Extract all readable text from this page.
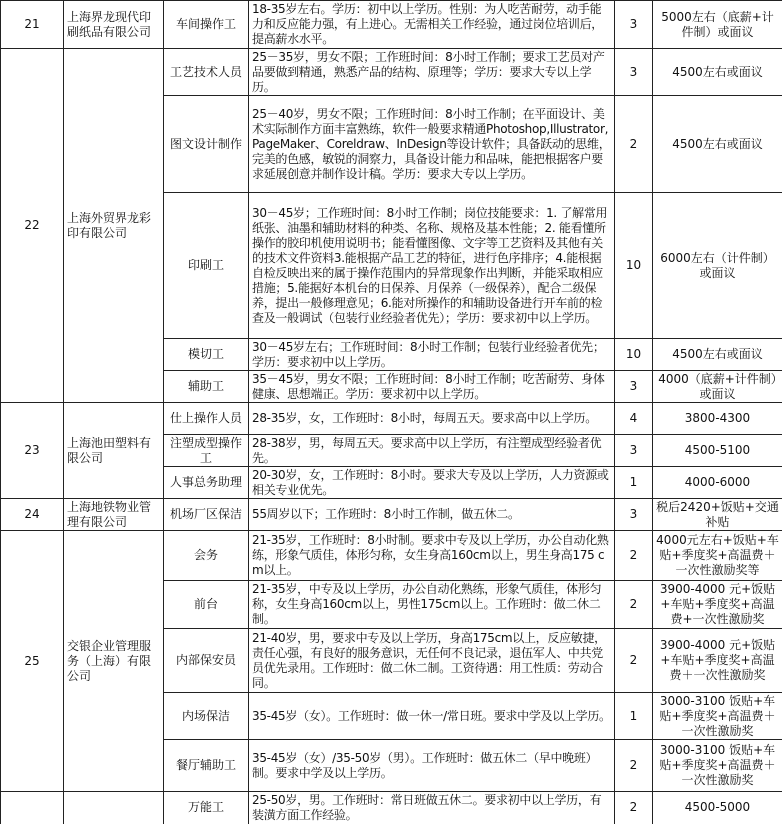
21	上海界龙现代印刷纸品有限公司	车间操作工	18-35岁左右。学历：初中以上学历。性别：为人吃苦耐劳，动手能力和反应能力强，有上进心。无需相关工作经验，通过岗位培训后，提高薪水水平。	3	5000左右（底薪+计件制）或面议
22	上海外贸界龙彩印有限公司	工艺技术人员	25－35岁，男女不限；工作班时间：8小时工作制；要求工艺员对产品要做到精通，熟悉产品的结构、原理等；学历：要求大专以上学历。	3	4500左右或面议
		图文设计制作	25－40岁，男女不限；工作班时间：8小时工作制；在平面设计、美术实际制作方面丰富熟练，软件一般要求精通Photoshop,Illustrator,PageMaker、Coreldraw、InDesign等设计软件；具备跃动的思维，完美的色感，敏锐的洞察力，具备设计能力和品味，能把根据客户要求延展创意并制作设计稿。学历：要求大专以上学历。	2	4500左右或面议
		印刷工	30－45岁；工作班时间：8小时工作制；岗位技能要求：1. 了解常用纸张、油墨和辅助材料的种类、名称、规格及基本性能；2. 能看懂所操作的胶印机使用说明书；能看懂图像、文字等工艺资料及其他有关的技术文件资料3.能根据产品工艺的特征，进行色序排序；4.能根据自检反映出来的属于操作范围内的异常现象作出判断，并能采取相应措施；5.能据好本机台的日保养、月保养（一级保养），配合二级保养，提出一般修理意见；6.能对所操作的和辅助设备进行开车前的检查及一般调试（包装行业经验者优先）；学历：要求初中以上学历。	10	6000左右（计件制）或面议
		模切工	30－45岁左右；工作班时间：8小时工作制；包装行业经验者优先；学历：要求初中以上学历。	10	4500左右或面议
		辅助工	35－45岁，男女不限；工作班时间：8小时工作制；吃苦耐劳、身体健康、思想端正。学历：要求初中以上学历。	3	4000（底薪+计件制）或面议
23	上海池田塑料有限公司	仕上操作人员	28-35岁，女，工作班时：8小时，每周五天。要求高中以上学历。	4	3800-4300
		注塑成型操作工	28-38岁，男，每周五天。要求高中以上学历，有注塑成型经验者优先。	3	4500-5100
		人事总务助理	20-30岁，女，工作班时：8小时。要求大专及以上学历，人力资源或相关专业优先。	1	4000-6000
24	上海地铁物业管理有限公司	机场厂区保洁	55周岁以下；工作班时：8小时工作制，做五休二。	3	税后2420+饭贴+交通补贴
25	交银企业管理服务（上海）有限公司	会务	21-35岁，工作班时：8小时制。要求中专及以上学历，办公自动化熟练，形象气质佳，体形匀称，女生身高160cm以上，男生身高175 cm以上。	2	4000元左右+饭贴+车贴+季度奖+高温费＋一次性激励奖等
		前台	21-35岁，中专及以上学历，办公自动化熟练，形象气质佳，体形匀称，女生身高160cm以上，男性175cm以上。工作班时：做二休二制。	2	3900-4000 元+饭贴+车贴+季度奖+高温费+一次性激励奖
		内部保安员	21-40岁，男，要求中专及以上学历，身高175cm以上，反应敏捷，责任心强，有良好的服务意识，无任何不良记录，退伍军人、中共党员优先录用。工作班时：做二休二制。工资待遇：用工性质：劳动合同。	2	3900-4000 元+饭贴+车贴+季度奖+高温费＋一次性激励奖
		内场保洁	35-45岁（女）。工作班时：做一休一/常日班。要求中学及以上学历。	1	3000-3100 饭贴+车贴+季度奖+高温费＋一次性激励奖
		餐厅辅助工	35-45岁（女）/35-50岁（男）。工作班时：做五休二（早中晚班）制。要求中学及以上学历。	2	3000-3100 饭贴+车贴+季度奖+高温费＋一次性激励奖
		万能工	25-50岁，男。工作班时：常日班做五休二。要求初中以上学历，有装潢方面工作经验。	2	4500-5000
